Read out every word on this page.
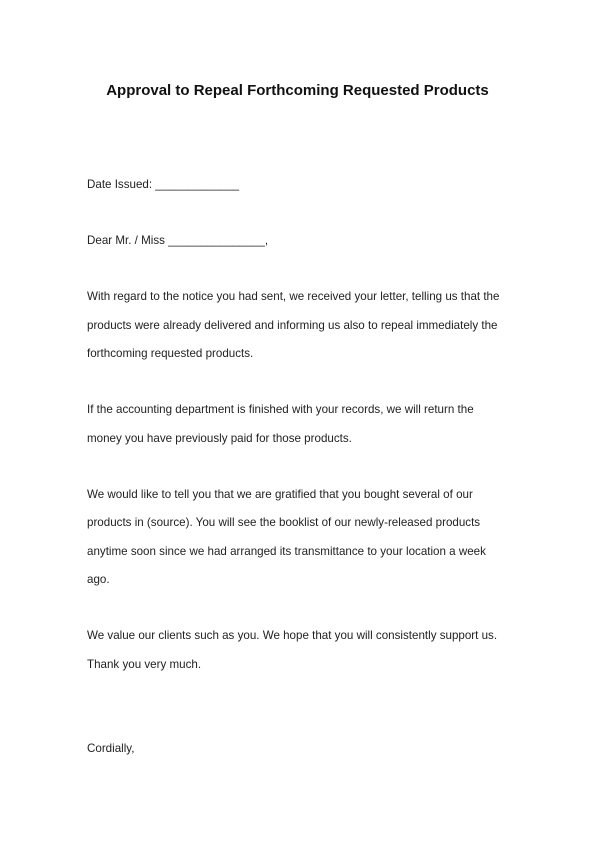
Approval to Repeal Forthcoming Requested Products

Date Issued: _____________

Dear Mr. / Miss _______________,

With regard to the notice you had sent, we received your letter, telling us that the

products were already delivered and informing us also to repeal immediately the

forthcoming requested products.

If the accounting department is finished with your records, we will return the

money you have previously paid for those products.

We would like to tell you that we are gratified that you bought several of our

products in (source). You will see the booklist of our newly-released products

anytime soon since we had arranged its transmittance to your location a week

ago.

We value our clients such as you. We hope that you will consistently support us.

Thank you very much.

Cordially,
